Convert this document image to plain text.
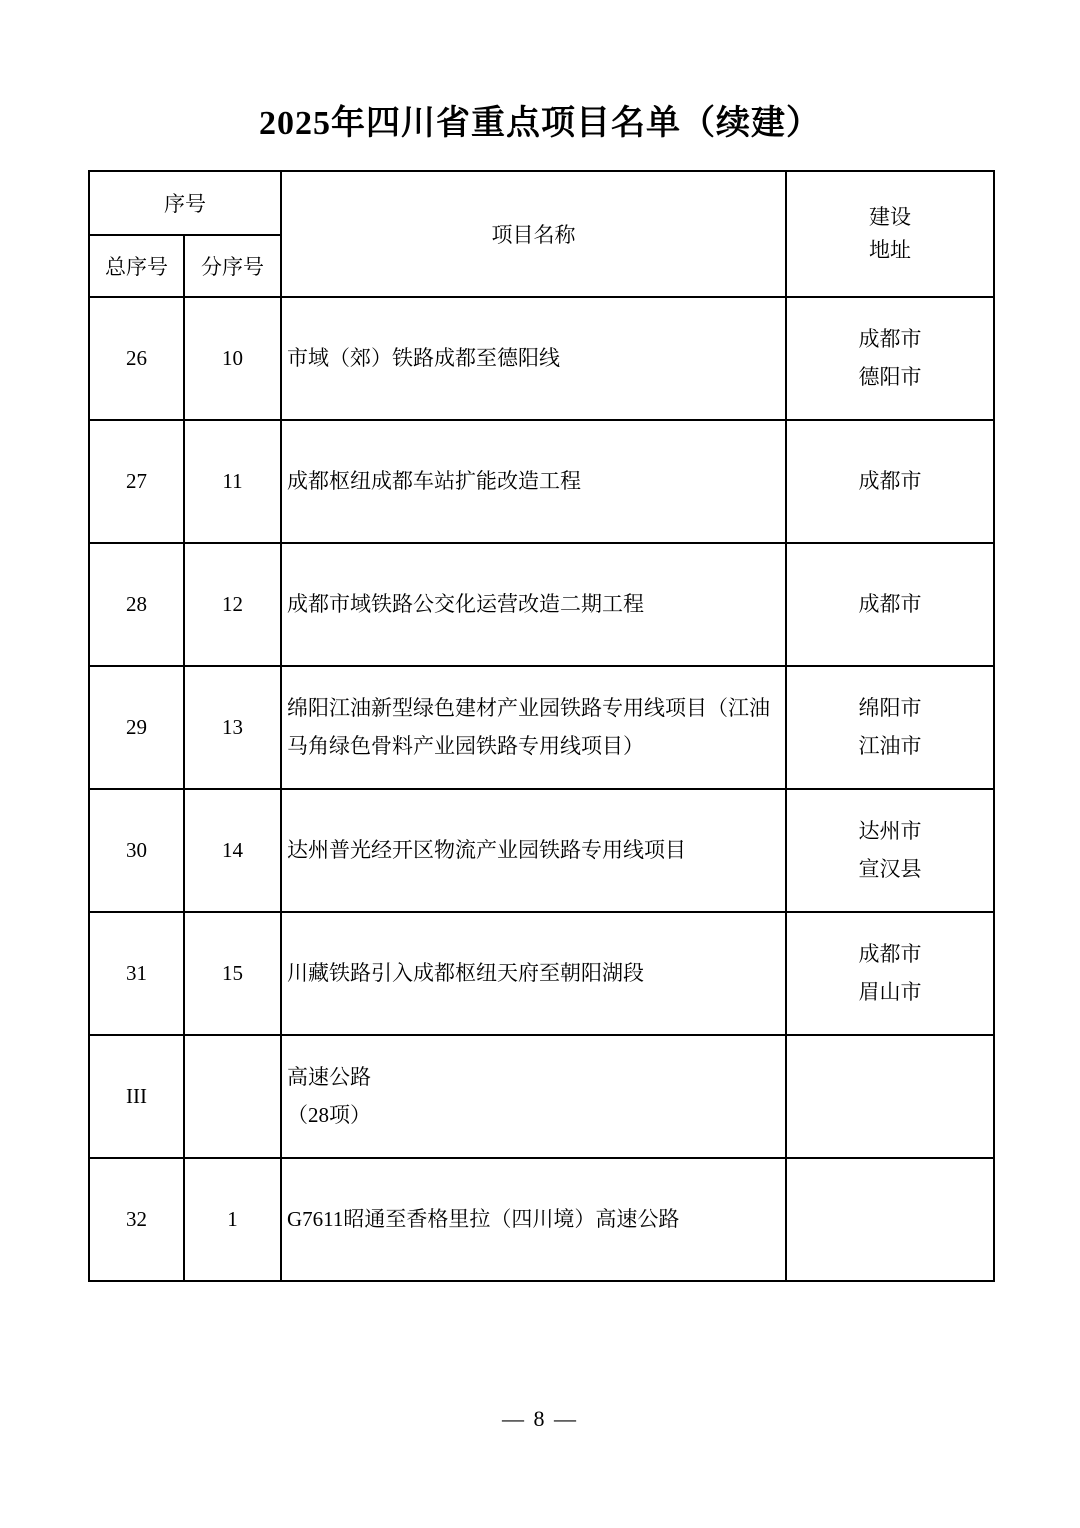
2025年四川省重点项目名单（续建）
序号		项目名称	建设
地址

总序号	分序号		
26	10	市域（郊）铁路成都至德阳线	成都市
德阳市

27	11	成都枢纽成都车站扩能改造工程	成都市

28	12	成都市域铁路公交化运营改造二期工程	成都市

29	13	绵阳江油新型绿色建材产业园铁路专用线项目（江油马角绿色骨料产业园铁路专用线项目）	绵阳市
江油市

30	14	达州普光经开区物流产业园铁路专用线项目	达州市
宣汉县

31	15	川藏铁路引入成都枢纽天府至朝阳湖段	成都市
眉山市

III		高速公路
（28项）	

32	1	G7611昭通至香格里拉（四川境）高速公路	
— 8 —
